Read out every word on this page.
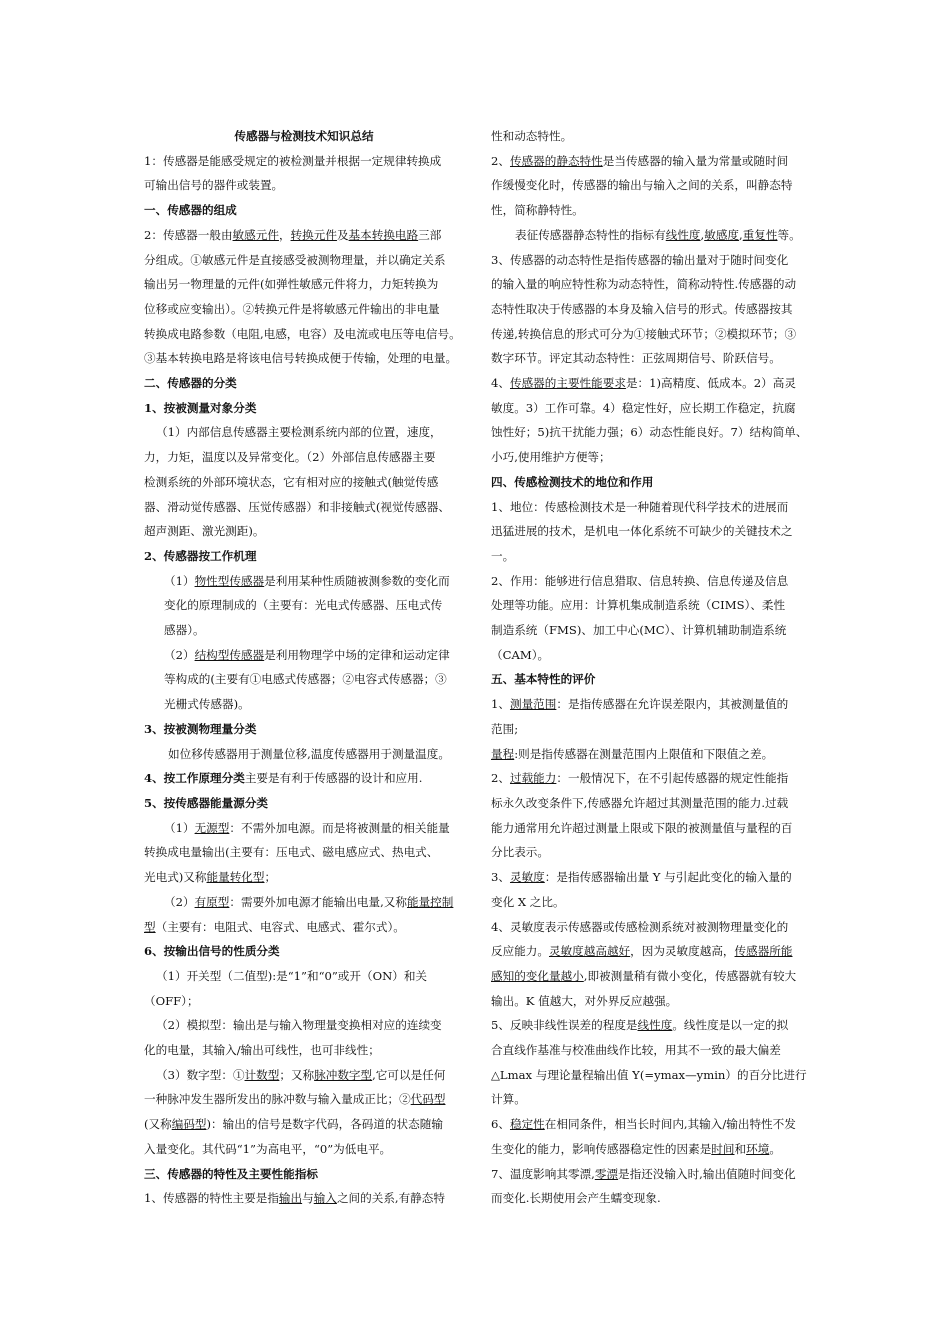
传感器与检测技术知识总结

1：传感器是能感受规定的被检测量并根据一定规律转换成

可输出信号的器件或装置。

一、传感器的组成

2：传感器一般由敏感元件，转换元件及基本转换电路三部

分组成。①敏感元件是直接感受被测物理量，并以确定关系

输出另一物理量的元件(如弹性敏感元件将力，力矩转换为

位移或应变输出）。②转换元件是将敏感元件输出的非电量

转换成电路参数（电阻,电感，电容）及电流或电压等电信号。

③基本转换电路是将该电信号转换成便于传输，处理的电量。

二、传感器的分类

1、按被测量对象分类

（1）内部信息传感器主要检测系统内部的位置，速度，

力，力矩，温度以及异常变化。（2）外部信息传感器主要

检测系统的外部环境状态，它有相对应的接触式(触觉传感

器、滑动觉传感器、压觉传感器）和非接触式(视觉传感器、

超声测距、激光测距)。

2、传感器按工作机理

（1）物性型传感器是利用某种性质随被测参数的变化而

变化的原理制成的（主要有：光电式传感器、压电式传

感器）。

（2）结构型传感器是利用物理学中场的定律和运动定律

等构成的(主要有①电感式传感器；②电容式传感器；③

光栅式传感器)。

3、按被测物理量分类

如位移传感器用于测量位移,温度传感器用于测量温度。

4、按工作原理分类主要是有利于传感器的设计和应用.

5、按传感器能量源分类

（1）无源型：不需外加电源。而是将被测量的相关能量

转换成电量输出(主要有：压电式、磁电感应式、热电式、

光电式)又称能量转化型；

（2）有原型：需要外加电源才能输出电量,又称能量控制

型（主要有：电阻式、电容式、电感式、霍尔式）。

6、按输出信号的性质分类

（1）开关型（二值型):是“1”和“0”或开（ON）和关

（OFF）；

（2）模拟型：输出是与输入物理量变换相对应的连续变

化的电量，其输入/输出可线性，也可非线性；

（3）数字型：①计数型；又称脉冲数字型,它可以是任何

一种脉冲发生器所发出的脉冲数与输入量成正比；②代码型

(又称编码型)：输出的信号是数字代码，各码道的状态随输

入量变化。其代码“1”为高电平，“0”为低电平。

三、传感器的特性及主要性能指标

1、传感器的特性主要是指输出与输入之间的关系,有静态特

性和动态特性。

2、传感器的静态特性是当传感器的输入量为常量或随时间

作缓慢变化时，传感器的输出与输入之间的关系，叫静态特

性，简称静特性。

表征传感器静态特性的指标有线性度,敏感度,重复性等。

3、传感器的动态特性是指传感器的输出量对于随时间变化

的输入量的响应特性称为动态特性，简称动特性.传感器的动

态特性取决于传感器的本身及输入信号的形式。传感器按其

传递,转换信息的形式可分为①接触式环节；②模拟环节；③

数字环节。评定其动态特性：正弦周期信号、阶跃信号。

4、传感器的主要性能要求是：1)高精度、低成本。2）高灵

敏度。3）工作可靠。4）稳定性好，应长期工作稳定，抗腐

蚀性好；5)抗干扰能力强；6）动态性能良好。7）结构简单、

小巧,使用维护方便等；

四、传感检测技术的地位和作用

1、地位：传感检测技术是一种随着现代科学技术的进展而

迅猛进展的技术，是机电一体化系统不可缺少的关键技术之

一。

2、作用：能够进行信息猎取、信息转换、信息传递及信息

处理等功能。应用：计算机集成制造系统（CIMS）、柔性

制造系统（FMS)、加工中心(MC）、计算机辅助制造系统

（CAM）。

五、基本特性的评价

1、测量范围：是指传感器在允许误差限内，其被测量值的

范围;

量程:则是指传感器在测量范围内上限值和下限值之差。

2、过载能力：一般情况下，在不引起传感器的规定性能指

标永久改变条件下,传感器允许超过其测量范围的能力.过载

能力通常用允许超过测量上限或下限的被测量值与量程的百

分比表示。

3、灵敏度：是指传感器输出量 Y 与引起此变化的输入量的

变化 X 之比。

4、灵敏度表示传感器或传感检测系统对被测物理量变化的

反应能力。灵敏度越高越好，因为灵敏度越高，传感器所能

感知的变化量越小,即被测量稍有微小变化，传感器就有较大

输出。K 值越大，对外界反应越强。

5、反映非线性误差的程度是线性度。线性度是以一定的拟

合直线作基准与校准曲线作比较，用其不一致的最大偏差

△Lmax 与理论量程输出值 Y(=ymax—ymin）的百分比进行

计算。

6、稳定性在相同条件，相当长时间内,其输入/输出特性不发

生变化的能力，影响传感器稳定性的因素是时间和环境。

7、温度影响其零漂,零漂是指还没输入时,输出值随时间变化

而变化.长期使用会产生蠕变现象.
